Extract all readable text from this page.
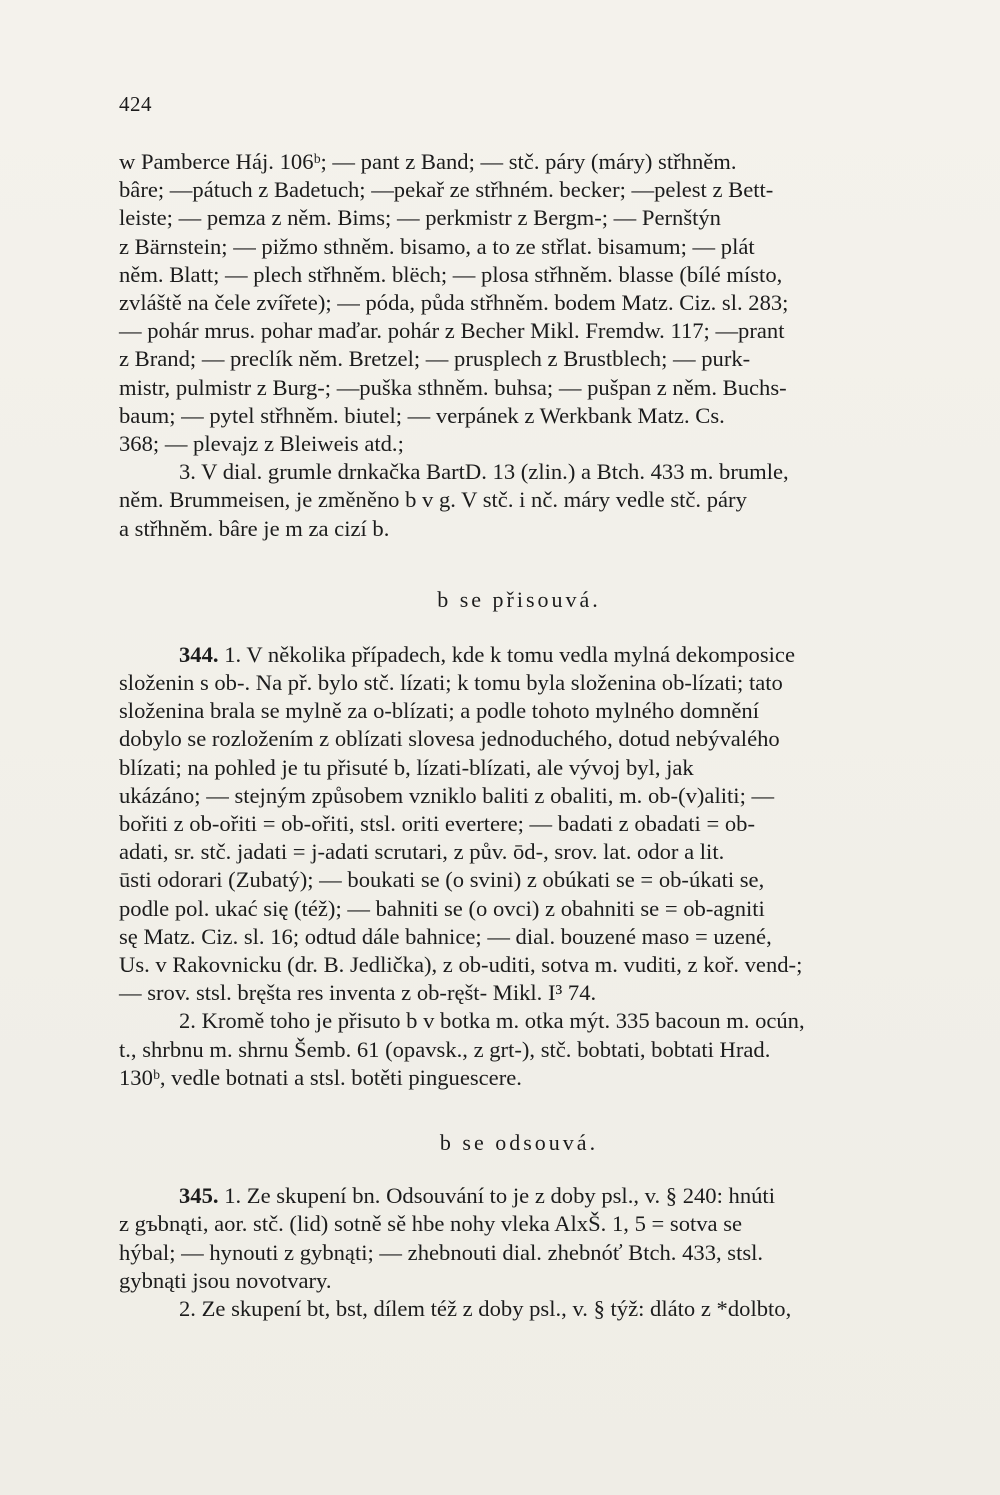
424

w Pamberce Háj. 106ᵇ; — pant z Band; — stč. páry (máry) střhněm.
bâre; —pátuch z Badetuch; —pekař ze střhném. becker; —pelest z Bett-
leiste; — pemza z něm. Bims; — perkmistr z Bergm-; — Pernštýn
z Bärnstein; — pižmo sthněm. bisamo, a to ze střlat. bisamum; — plát
něm. Blatt; — plech střhněm. blëch; — plosa střhněm. blasse (bílé místo,
zvláště na čele zvířete); — póda, půda střhněm. bodem Matz. Ciz. sl. 283;
— pohár mrus. pohar maďar. pohár z Becher Mikl. Fremdw. 117; —prant
z Brand; — preclík něm. Bretzel; — prusplech z Brustblech; — purk-
mistr, pulmistr z Burg-; —puška sthněm. buhsa; — pušpan z něm. Buchs-
baum; — pytel střhněm. biutel; — verpánek z Werkbank Matz. Cs.
368; — plevajz z Bleiweis atd.;

3. V dial. grumle drnkačka BartD. 13 (zlin.) a Btch. 433 m. brumle,
něm. Brummeisen, je změněno b v g. V stč. i nč. máry vedle stč. páry
a střhněm. bâre je m za cizí b.

b se přisouvá.

344. 1. V několika případech, kde k tomu vedla mylná dekomposice
složenin s ob-. Na př. bylo stč. lízati; k tomu byla složenina ob-lízati; tato
složenina brala se mylně za o-blízati; a podle tohoto mylného domnění
dobylo se rozložením z oblízati slovesa jednoduchého, dotud nebývalého
blízati; na pohled je tu přisuté b, lízati-blízati, ale vývoj byl, jak
ukázáno; — stejným způsobem vzniklo baliti z obaliti, m. ob-(v)aliti; —
bořiti z ob-ořiti = ob-ořiti, stsl. oriti evertere; — badati z obadati = ob-
adati, sr. stč. jadati = j-adati scrutari, z pův. ōd-, srov. lat. odor a lit.
ūsti odorari (Zubatý); — boukati se (o svini) z obúkati se = ob-úkati se,
podle pol. ukać się (též); — bahniti se (o ovci) z obahniti se = ob-agniti
sę Matz. Ciz. sl. 16; odtud dále bahnice; — dial. bouzené maso = uzené,
Us. v Rakovnicku (dr. B. Jedlička), z ob-uditi, sotva m. vuditi, z koř. vend-;
— srov. stsl. bręšta res inventa z ob-ręšt- Mikl. I³ 74.

2. Kromě toho je přisuto b v botka m. otka mýt. 335 bacoun m. ocún,
t., shrbnu m. shrnu Šemb. 61 (opavsk., z grt-), stč. bobtati, bobtati Hrad.
130ᵇ, vedle botnati a stsl. botěti pinguescere.

b se odsouvá.

345. 1. Ze skupení bn. Odsouvání to je z doby psl., v. § 240: hnúti
z gъbnąti, aor. stč. (lid) sotně sě hbe nohy vleka AlxŠ. 1, 5 = sotva se
hýbal; — hynouti z gybnąti; — zhebnouti dial. zhebnóť Btch. 433, stsl.
gybnąti jsou novotvary.
2. Ze skupení bt, bst, dílem též z doby psl., v. § týž: dláto z *dolbto,
